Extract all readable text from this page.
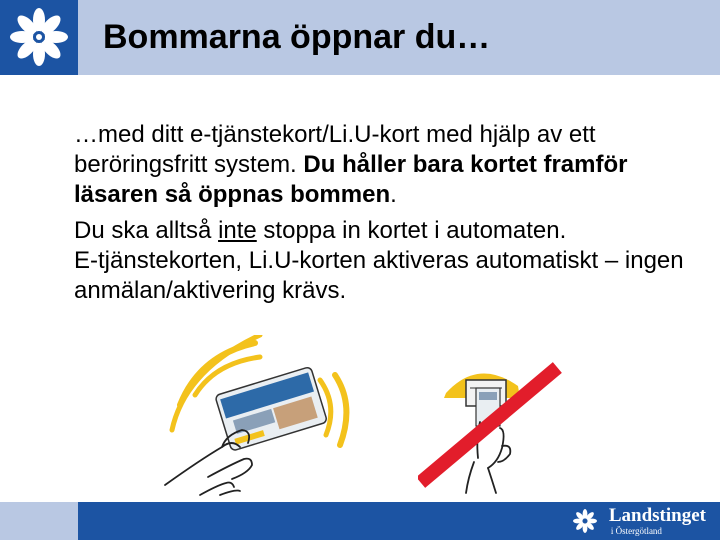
Bommarna öppnar du…

…med ditt e-tjänstekort/Li.U-kort med hjälp av ett beröringsfritt system. Du håller bara kortet framför läsaren så öppnas bommen.

Du ska alltså inte stoppa in kortet i automaten.

E-tjänstekorten, Li.U-korten aktiveras automatiskt – ingen anmälan/aktivering krävs.

Landstinget
i Östergötland
